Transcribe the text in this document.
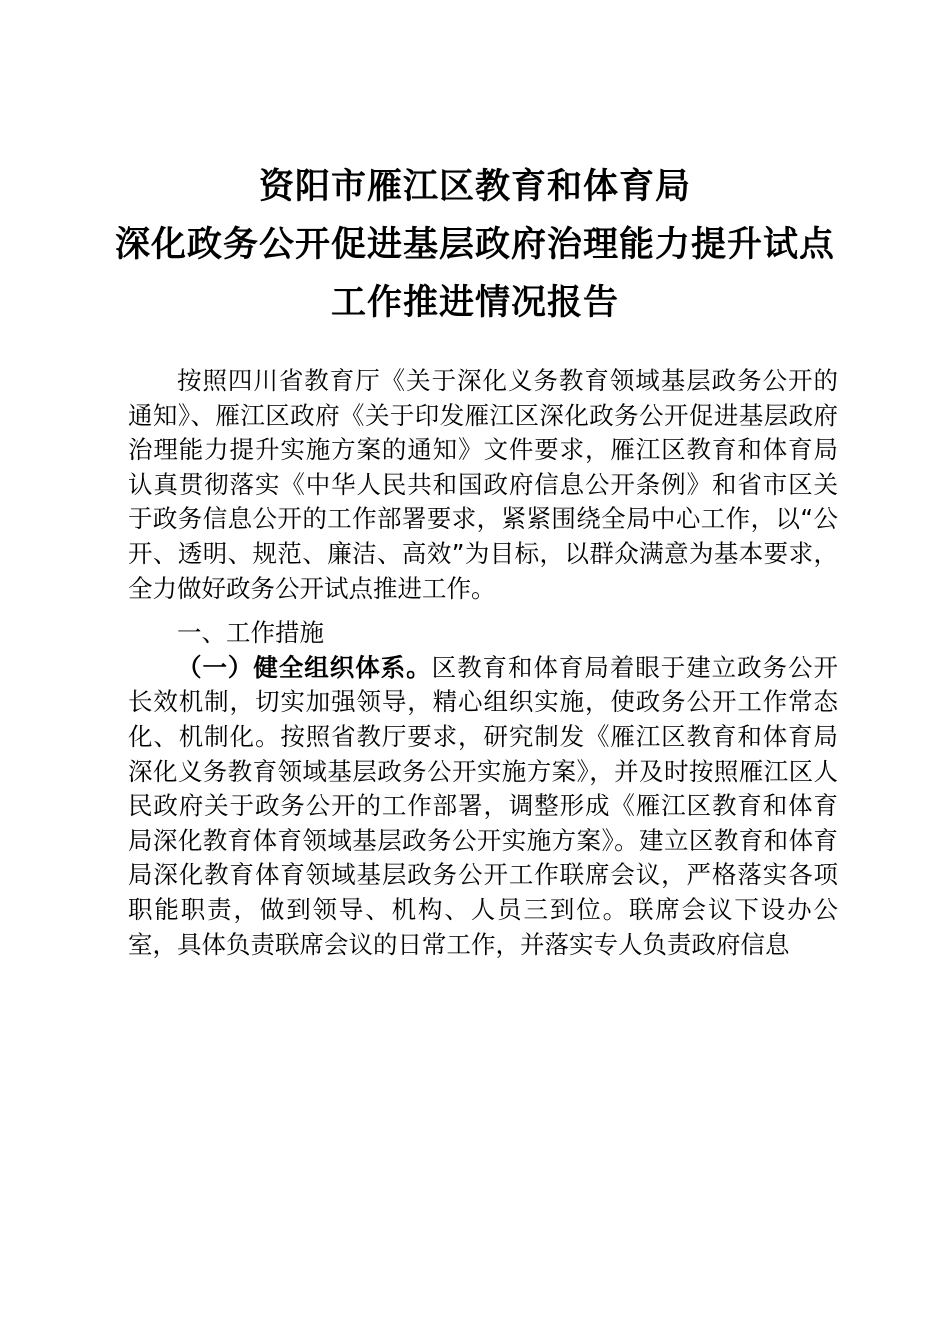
资阳市雁江区教育和体育局
深化政务公开促进基层政府治理能力提升试点
工作推进情况报告

按照四川省教育厅《关于深化义务教育领域基层政务公开的通知》、雁江区政府《关于印发雁江区深化政务公开促进基层政府治理能力提升实施方案的通知》文件要求，雁江区教育和体育局认真贯彻落实《中华人民共和国政府信息公开条例》和省市区关于政务信息公开的工作部署要求，紧紧围绕全局中心工作，以“公开、透明、规范、廉洁、高效”为目标，以群众满意为基本要求，全力做好政务公开试点推进工作。

一、工作措施

（一）健全组织体系。区教育和体育局着眼于建立政务公开长效机制，切实加强领导，精心组织实施，使政务公开工作常态化、机制化。按照省教厅要求，研究制发《雁江区教育和体育局深化义务教育领域基层政务公开实施方案》，并及时按照雁江区人民政府关于政务公开的工作部署，调整形成《雁江区教育和体育局深化教育体育领域基层政务公开实施方案》。建立区教育和体育局深化教育体育领域基层政务公开工作联席会议，严格落实各项职能职责，做到领导、机构、人员三到位。联席会议下设办公室，具体负责联席会议的日常工作，并落实专人负责政府信息
